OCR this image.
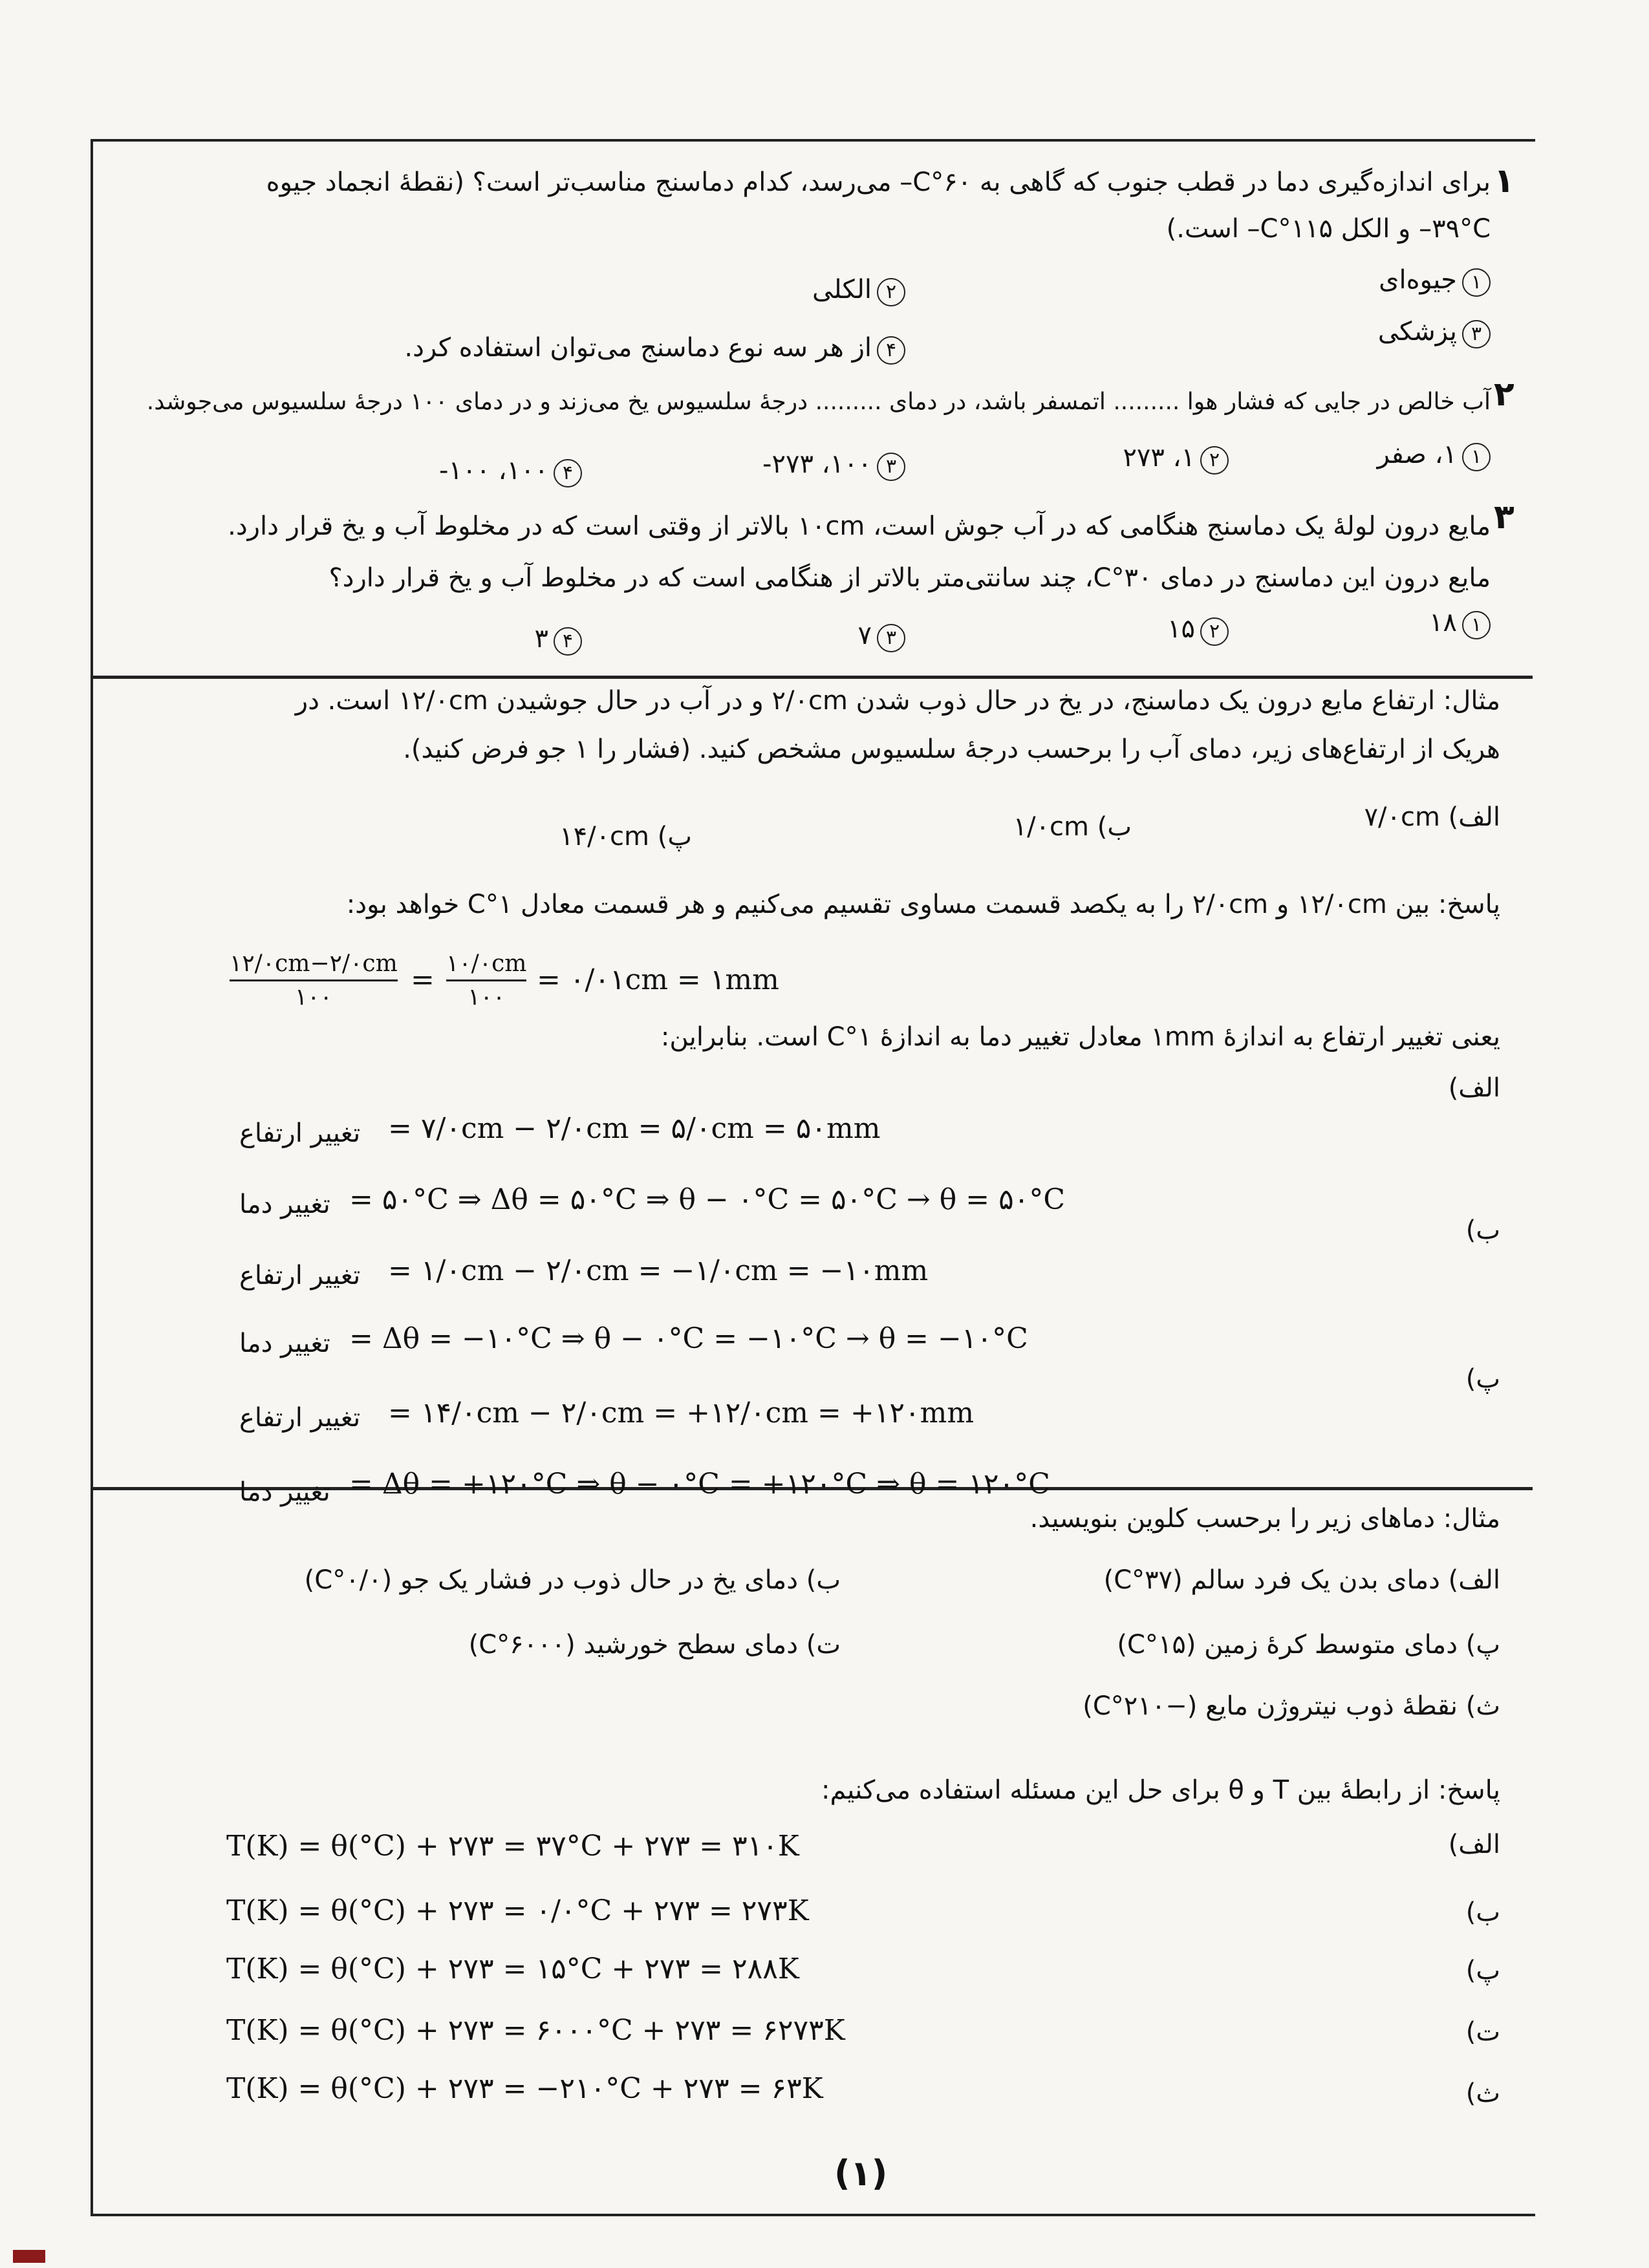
۱
برای اندازه‌گیری دما در قطب جنوب که گاهی به ۶۰°C– می‌رسد، کدام دماسنج مناسب‌تر است؟ (نقطهٔ انجماد جیوه
۳۹°C– و الکل ۱۱۵°C– است.)
۱جیوه‌ای
۲الکلی
۳پزشکی
۴از هر سه نوع دماسنج می‌توان استفاده کرد.
۲
آب خالص در جایی که فشار هوا ......... اتمسفر باشد، در دمای ......... درجهٔ سلسیوس یخ می‌زند و در دمای ۱۰۰ درجهٔ سلسیوس می‌جوشد.
۱۱، صفر
۲۱، ۲۷۳
۳۱۰۰، ۲۷۳-
۴۱۰۰، ۱۰۰-
۳
مایع درون لولهٔ یک دماسنج هنگامی که در آب جوش است، ۱۰cm بالاتر از وقتی است که در مخلوط آب و یخ قرار دارد.
مایع درون این دماسنج در دمای ۳۰°C، چند سانتی‌متر بالاتر از هنگامی است که در مخلوط آب و یخ قرار دارد؟
۱۱۸
۲۱۵
۳۷
۴۳
مثال: ارتفاع مایع درون یک دماسنج، در یخ در حال ذوب شدن ۲/۰cm و در آب در حال جوشیدن ۱۲/۰cm است. در
هریک از ارتفاع‌های زیر، دمای آب را برحسب درجهٔ سلسیوس مشخص کنید. (فشار را ۱ جو فرض کنید).
الف) ۷/۰cm
ب) ۱/۰cm
پ) ۱۴/۰cm
پاسخ: بین ۱۲/۰cm و ۲/۰cm را به یکصد قسمت مساوی تقسیم می‌کنیم و هر قسمت معادل ۱°C خواهد بود:
۱۲/۰cm−۲/۰cm
۱۰۰
= ۱۰/۰cm
۱۰۰
= ۰/۰۱cm = ۱mm
یعنی تغییر ارتفاع به اندازهٔ ۱mm معادل تغییر دما به اندازهٔ ۱°C است. بنابراین:
الف)
تغییر ارتفاع = ۷/۰cm − ۲/۰cm = ۵/۰cm = ۵۰mm
تغییر دما = ۵۰°C ⇒ Δθ = ۵۰°C ⇒ θ − ۰°C = ۵۰°C → θ = ۵۰°C
ب)
تغییر ارتفاع = ۱/۰cm − ۲/۰cm = −۱/۰cm = −۱۰mm
تغییر دما = Δθ = −۱۰°C ⇒ θ − ۰°C = −۱۰°C → θ = −۱۰°C
پ)
تغییر ارتفاع = ۱۴/۰cm − ۲/۰cm = +۱۲/۰cm = +۱۲۰mm
تغییر دما = Δθ = +۱۲۰°C ⇒ θ − ۰°C = +۱۲۰°C ⇒ θ = ۱۲۰°C
مثال: دماهای زیر را برحسب کلوین بنویسید.
الف) دمای بدن یک فرد سالم (۳۷°C)
ب) دمای یخ در حال ذوب در فشار یک جو (۰/۰°C)
پ) دمای متوسط کرهٔ زمین (۱۵°C)
ت) دمای سطح خورشید (۶۰۰۰°C)
ث) نقطهٔ ذوب نیتروژن مایع (−۲۱۰°C)
پاسخ: از رابطهٔ بین T و θ برای حل این مسئله استفاده می‌کنیم:
الف)
T(K) = θ(°C) + ۲۷۳ = ۳۷°C + ۲۷۳ = ۳۱۰K
ب)
T(K) = θ(°C) + ۲۷۳ = ۰/۰°C + ۲۷۳ = ۲۷۳K
پ)
T(K) = θ(°C) + ۲۷۳ = ۱۵°C + ۲۷۳ = ۲۸۸K
ت)
T(K) = θ(°C) + ۲۷۳ = ۶۰۰۰°C + ۲۷۳ = ۶۲۷۳K
ث)
T(K) = θ(°C) + ۲۷۳ = −۲۱۰°C + ۲۷۳ = ۶۳K
(۱)
